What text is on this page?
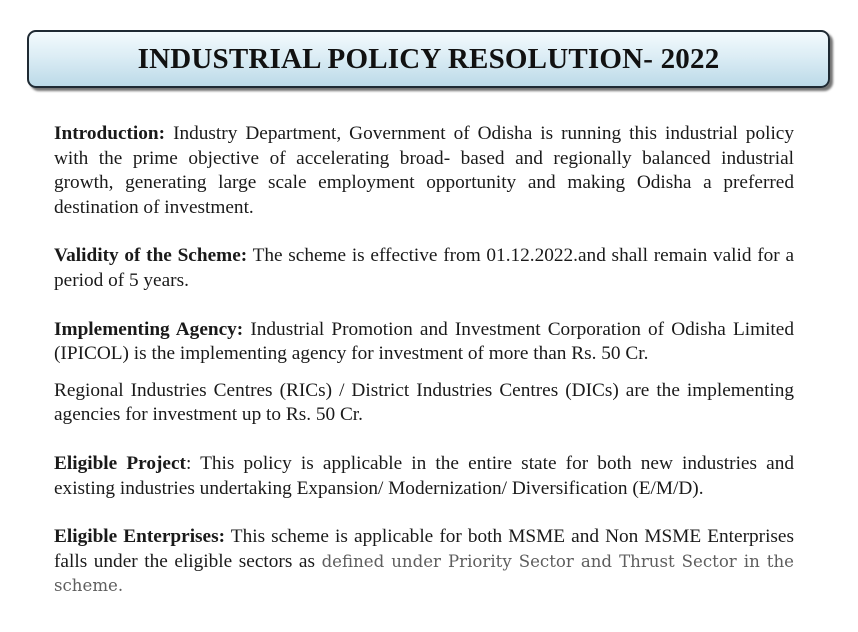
INDUSTRIAL POLICY RESOLUTION- 2022

Introduction: Industry Department, Government of Odisha is running this industrial policy with the prime objective of accelerating broad- based and regionally balanced industrial growth, generating large scale employment opportunity and making Odisha a preferred destination of investment.

Validity of the Scheme: The scheme is effective from 01.12.2022.and shall remain valid for a period of 5 years.

Implementing Agency: Industrial Promotion and Investment Corporation of Odisha Limited (IPICOL) is the implementing agency for investment of more than Rs. 50 Cr.

Regional Industries Centres (RICs) / District Industries Centres (DICs) are the implementing agencies for investment up to Rs. 50 Cr.

Eligible Project: This policy is applicable in the entire state for both new industries and existing industries undertaking Expansion/ Modernization/ Diversification (E/M/D).

Eligible Enterprises: This scheme is applicable for both MSME and Non MSME Enterprises falls under the eligible sectors as defined under Priority Sector and Thrust Sector in the scheme.
